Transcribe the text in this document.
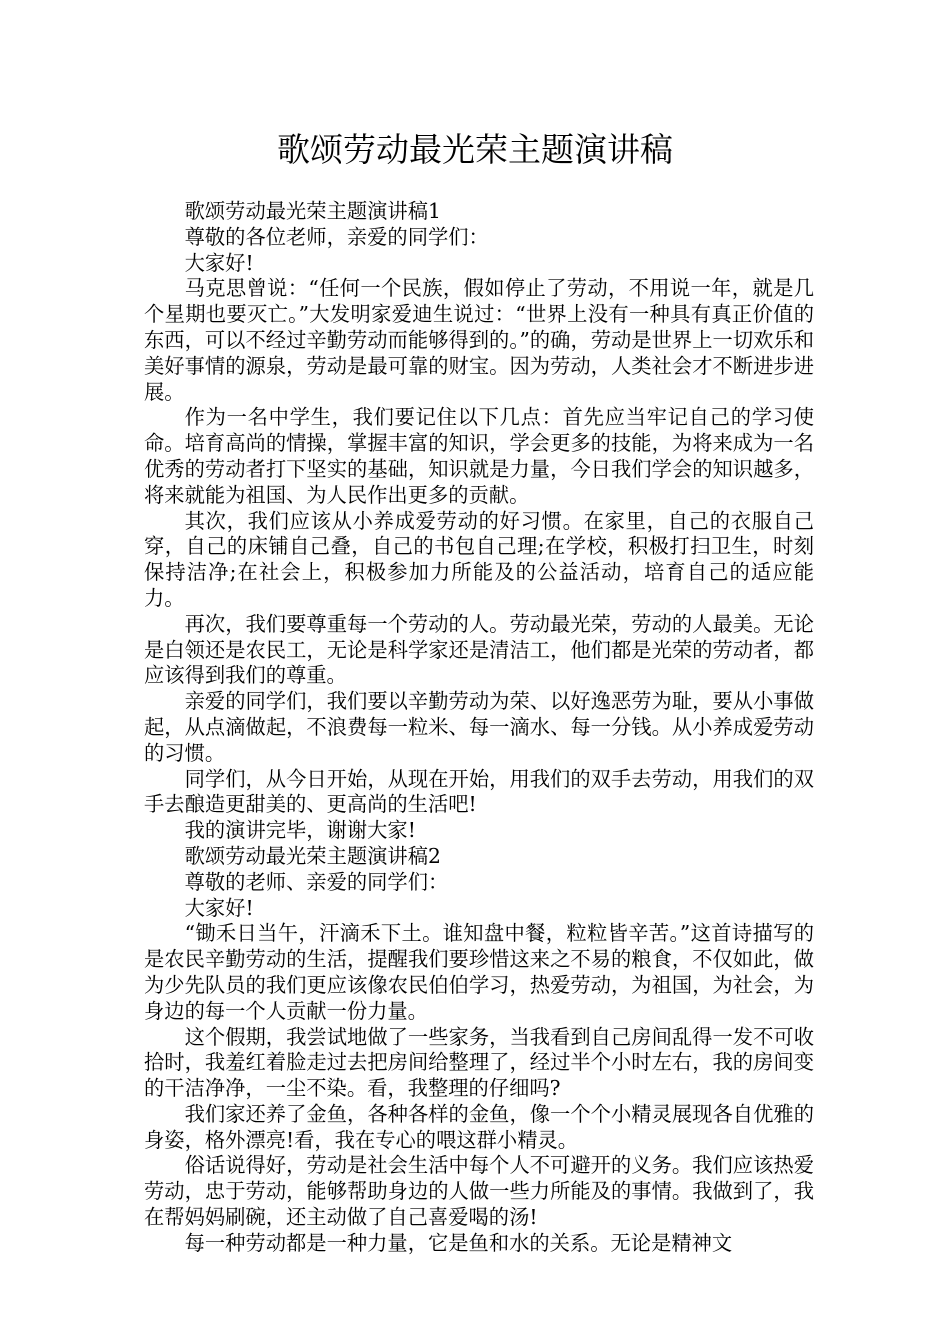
歌颂劳动最光荣主题演讲稿

歌颂劳动最光荣主题演讲稿1

尊敬的各位老师，亲爱的同学们：

大家好!

马克思曾说：“任何一个民族，假如停止了劳动，不用说一年，就是几个星期也要灭亡。”大发明家爱迪生说过：“世界上没有一种具有真正价值的东西，可以不经过辛勤劳动而能够得到的。”的确，劳动是世界上一切欢乐和美好事情的源泉，劳动是最可靠的财宝。因为劳动，人类社会才不断进步进展。

作为一名中学生，我们要记住以下几点：首先应当牢记自己的学习使命。培育高尚的情操，掌握丰富的知识，学会更多的技能，为将来成为一名优秀的劳动者打下坚实的基础，知识就是力量，今日我们学会的知识越多，将来就能为祖国、为人民作出更多的贡献。

其次，我们应该从小养成爱劳动的好习惯。在家里，自己的衣服自己穿，自己的床铺自己叠，自己的书包自己理;在学校，积极打扫卫生，时刻保持洁净;在社会上，积极参加力所能及的公益活动，培育自己的适应能力。

再次，我们要尊重每一个劳动的人。劳动最光荣，劳动的人最美。无论是白领还是农民工，无论是科学家还是清洁工，他们都是光荣的劳动者，都应该得到我们的尊重。

亲爱的同学们，我们要以辛勤劳动为荣、以好逸恶劳为耻，要从小事做起，从点滴做起，不浪费每一粒米、每一滴水、每一分钱。从小养成爱劳动的习惯。

同学们，从今日开始，从现在开始，用我们的双手去劳动，用我们的双手去酿造更甜美的、更高尚的生活吧!

我的演讲完毕，谢谢大家!

歌颂劳动最光荣主题演讲稿2

尊敬的老师、亲爱的同学们：

大家好!

“锄禾日当午，汗滴禾下土。谁知盘中餐，粒粒皆辛苦。”这首诗描写的是农民辛勤劳动的生活，提醒我们要珍惜这来之不易的粮食，不仅如此，做为少先队员的我们更应该像农民伯伯学习，热爱劳动，为祖国，为社会，为身边的每一个人贡献一份力量。

这个假期，我尝试地做了一些家务，当我看到自己房间乱得一发不可收拾时，我羞红着脸走过去把房间给整理了，经过半个小时左右，我的房间变的干洁净净，一尘不染。看，我整理的仔细吗?

我们家还养了金鱼，各种各样的金鱼，像一个个小精灵展现各自优雅的身姿，格外漂亮!看，我在专心的喂这群小精灵。

俗话说得好，劳动是社会生活中每个人不可避开的义务。我们应该热爱劳动，忠于劳动，能够帮助身边的人做一些力所能及的事情。我做到了，我在帮妈妈刷碗，还主动做了自己喜爱喝的汤!

每一种劳动都是一种力量，它是鱼和水的关系。无论是精神文
